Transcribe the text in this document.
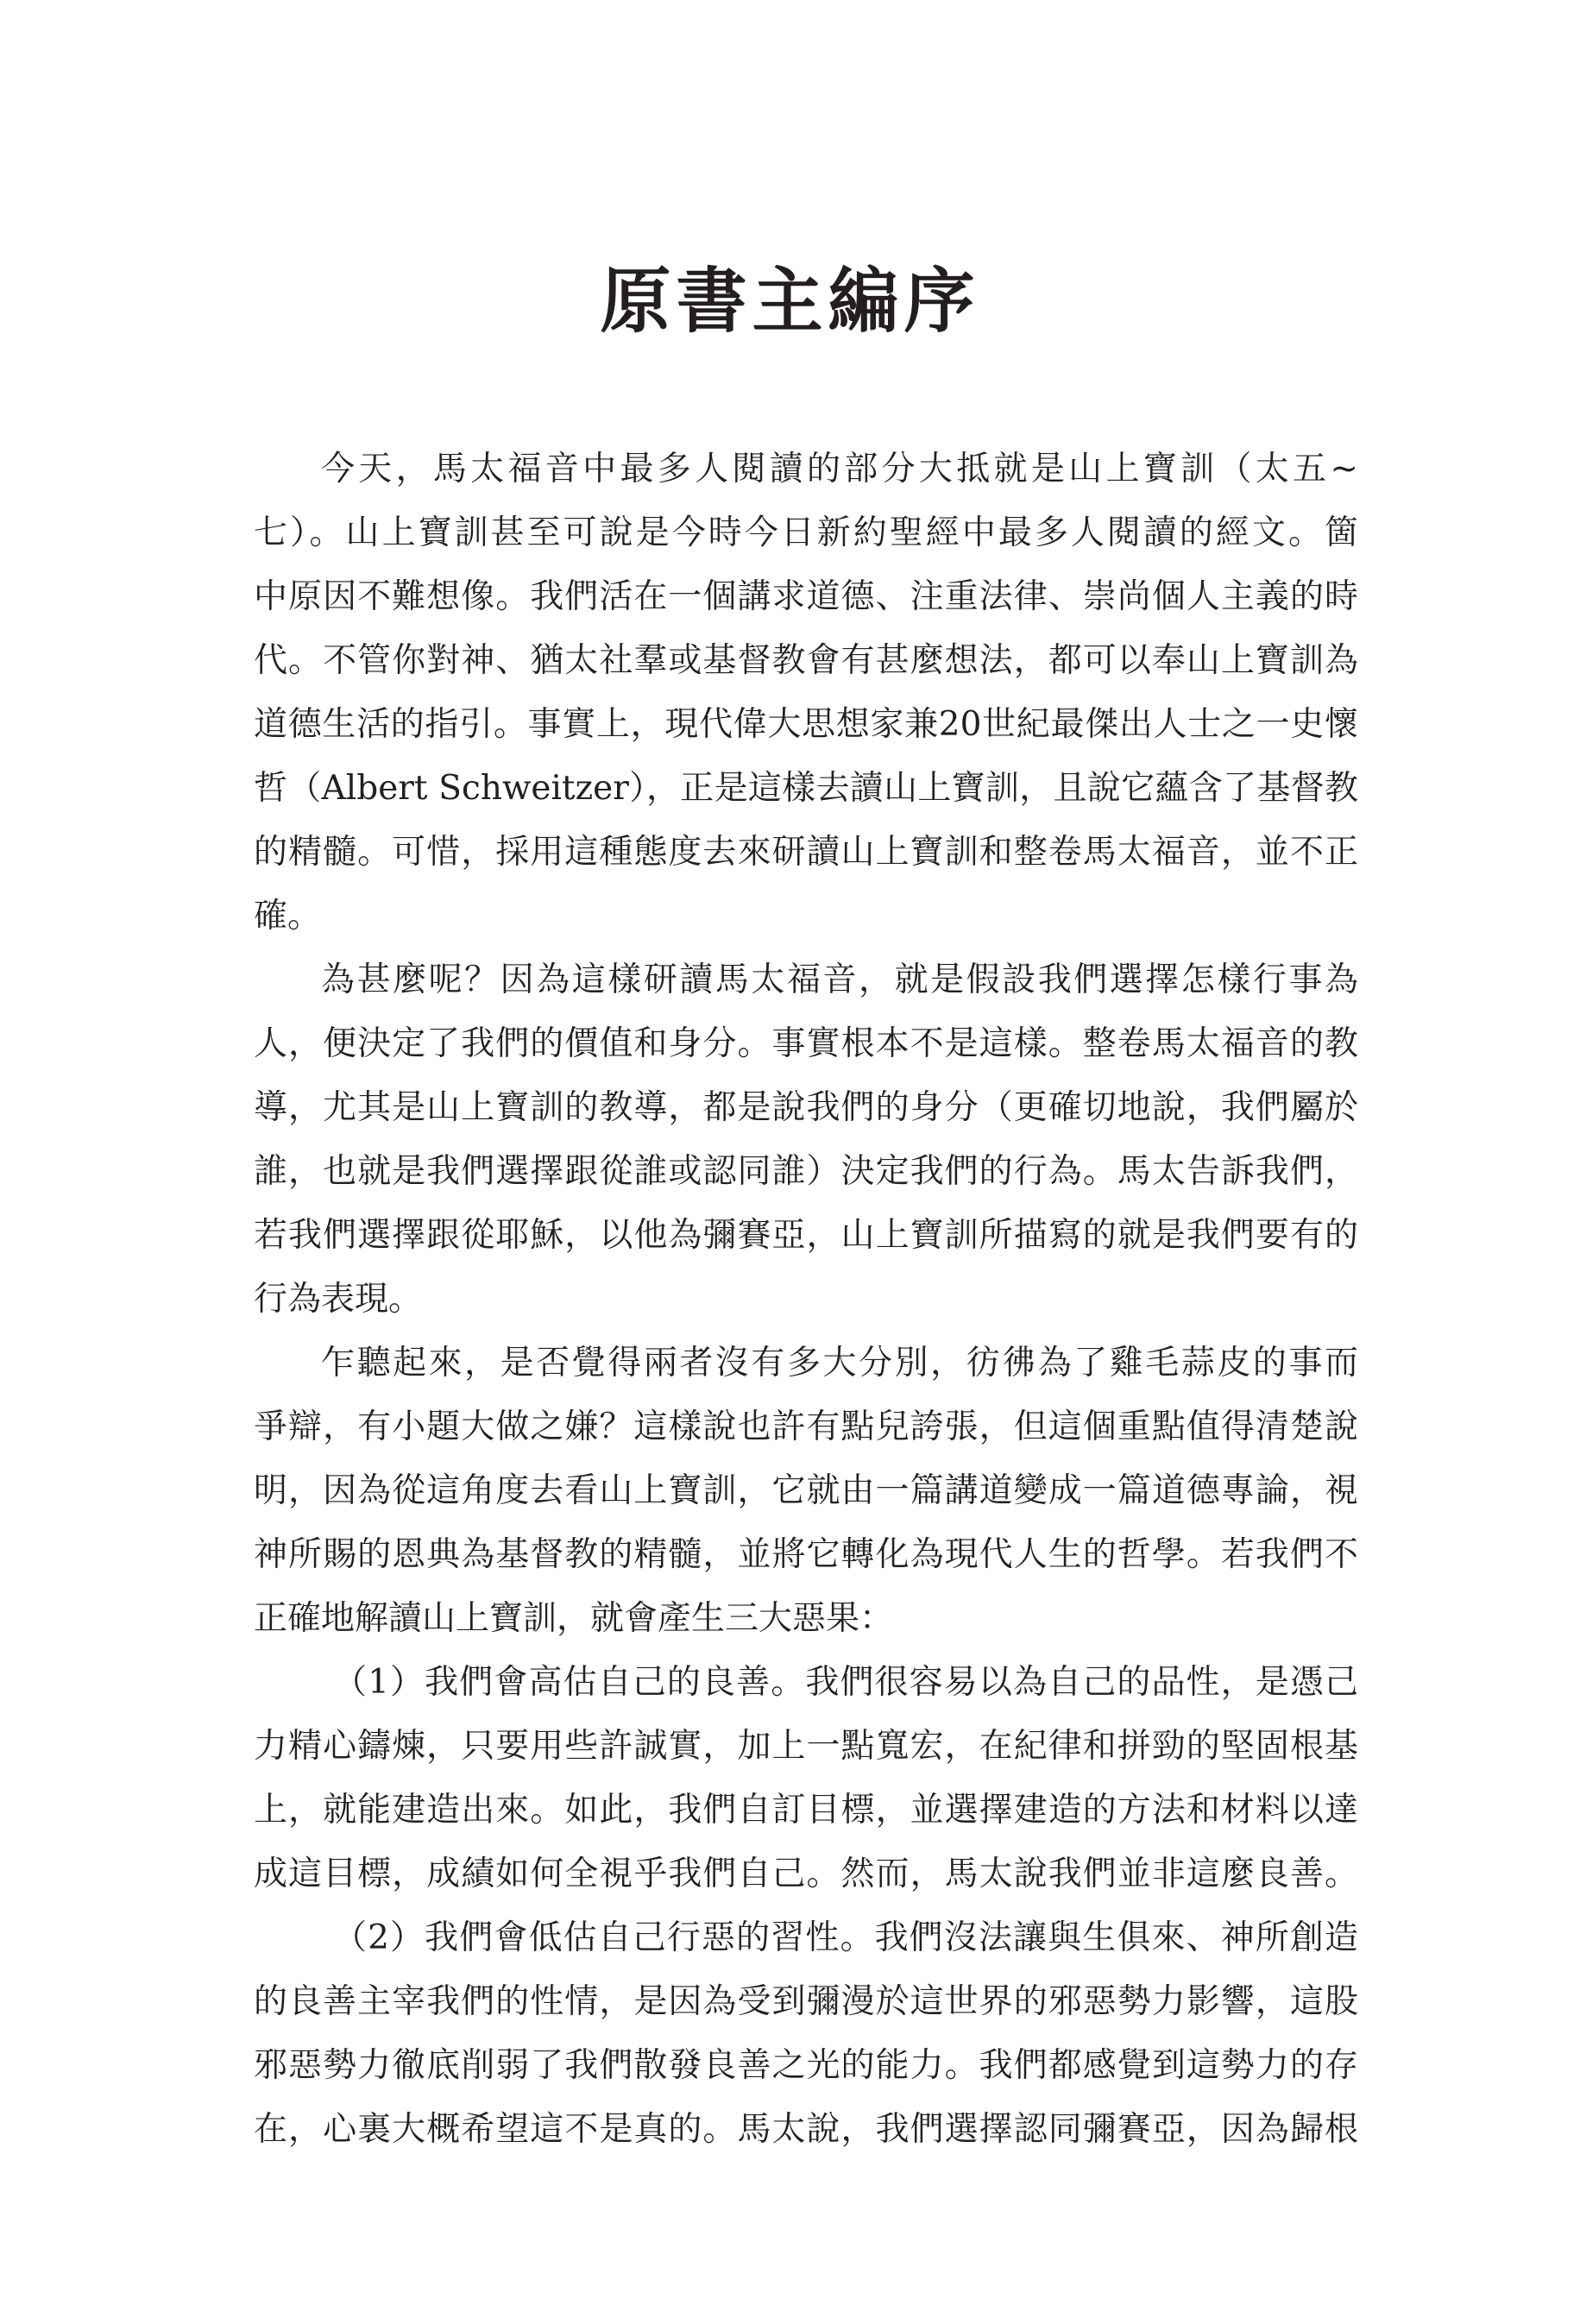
原書主編序
今天，馬太福音中最多人閱讀的部分大抵就是山上寶訓（太五~
七）。山上寶訓甚至可說是今時今日新約聖經中最多人閱讀的經文。箇
中原因不難想像。我們活在一個講求道德、注重法律、崇尚個人主義的時
代。不管你對神、猶太社羣或基督教會有甚麼想法，都可以奉山上寶訓為
道德生活的指引。事實上，現代偉大思想家兼20世紀最傑出人士之一史懷
哲（Albert Schweitzer），正是這樣去讀山上寶訓，且說它蘊含了基督教
的精髓。可惜，採用這種態度去來研讀山上寶訓和整卷馬太福音，並不正
確。
為甚麼呢？因為這樣研讀馬太福音，就是假設我們選擇怎樣行事為
人，便決定了我們的價值和身分。事實根本不是這樣。整卷馬太福音的教
導，尤其是山上寶訓的教導，都是說我們的身分（更確切地說，我們屬於
誰，也就是我們選擇跟從誰或認同誰）決定我們的行為。馬太告訴我們，
若我們選擇跟從耶穌，以他為彌賽亞，山上寶訓所描寫的就是我們要有的
行為表現。
乍聽起來，是否覺得兩者沒有多大分別，彷彿為了雞毛蒜皮的事而
爭辯，有小題大做之嫌？這樣說也許有點兒誇張，但這個重點值得清楚說
明，因為從這角度去看山上寶訓，它就由一篇講道變成一篇道德專論，視
神所賜的恩典為基督教的精髓，並將它轉化為現代人生的哲學。若我們不
正確地解讀山上寶訓，就會產生三大惡果：
（1）我們會高估自己的良善。我們很容易以為自己的品性，是憑己
力精心鑄煉，只要用些許誠實，加上一點寬宏，在紀律和拼勁的堅固根基
上，就能建造出來。如此，我們自訂目標，並選擇建造的方法和材料以達
成這目標，成績如何全視乎我們自己。然而，馬太說我們並非這麼良善。
（2）我們會低估自己行惡的習性。我們沒法讓與生俱來、神所創造
的良善主宰我們的性情，是因為受到彌漫於這世界的邪惡勢力影響，這股
邪惡勢力徹底削弱了我們散發良善之光的能力。我們都感覺到這勢力的存
在，心裏大概希望這不是真的。馬太說，我們選擇認同彌賽亞，因為歸根
